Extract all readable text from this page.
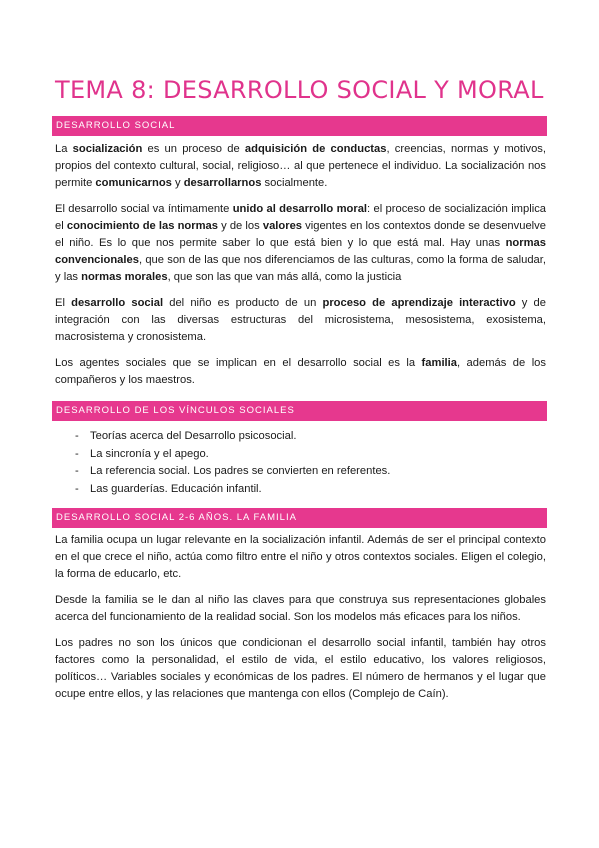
TEMA 8: DESARROLLO SOCIAL Y MORAL
DESARROLLO SOCIAL

La socialización es un proceso de adquisición de conductas, creencias, normas y motivos, propios del contexto cultural, social, religioso… al que pertenece el individuo. La socialización nos permite comunicarnos y desarrollarnos socialmente.

El desarrollo social va íntimamente unido al desarrollo moral: el proceso de socialización implica el conocimiento de las normas y de los valores vigentes en los contextos donde se desenvuelve el niño. Es lo que nos permite saber lo que está bien y lo que está mal. Hay unas normas convencionales, que son de las que nos diferenciamos de las culturas, como la forma de saludar, y las normas morales, que son las que van más allá, como la justicia

El desarrollo social del niño es producto de un proceso de aprendizaje interactivo y de integración con las diversas estructuras del microsistema, mesosistema, exosistema, macrosistema y cronosistema.

Los agentes sociales que se implican en el desarrollo social es la familia, además de los compañeros y los maestros.

DESARROLLO DE LOS VÍNCULOS SOCIALES
- Teorías acerca del Desarrollo psicosocial.
- La sincronía y el apego.
- La referencia social. Los padres se convierten en referentes.
- Las guarderías. Educación infantil.
DESARROLLO SOCIAL 2-6 AÑOS. LA FAMILIA

La familia ocupa un lugar relevante en la socialización infantil. Además de ser el principal contexto en el que crece el niño, actúa como filtro entre el niño y otros contextos sociales. Eligen el colegio, la forma de educarlo, etc.

Desde la familia se le dan al niño las claves para que construya sus representaciones globales acerca del funcionamiento de la realidad social. Son los modelos más eficaces para los niños.

Los padres no son los únicos que condicionan el desarrollo social infantil, también hay otros factores como la personalidad, el estilo de vida, el estilo educativo, los valores religiosos, políticos… Variables sociales y económicas de los padres. El número de hermanos y el lugar que ocupe entre ellos, y las relaciones que mantenga con ellos (Complejo de Caín).
